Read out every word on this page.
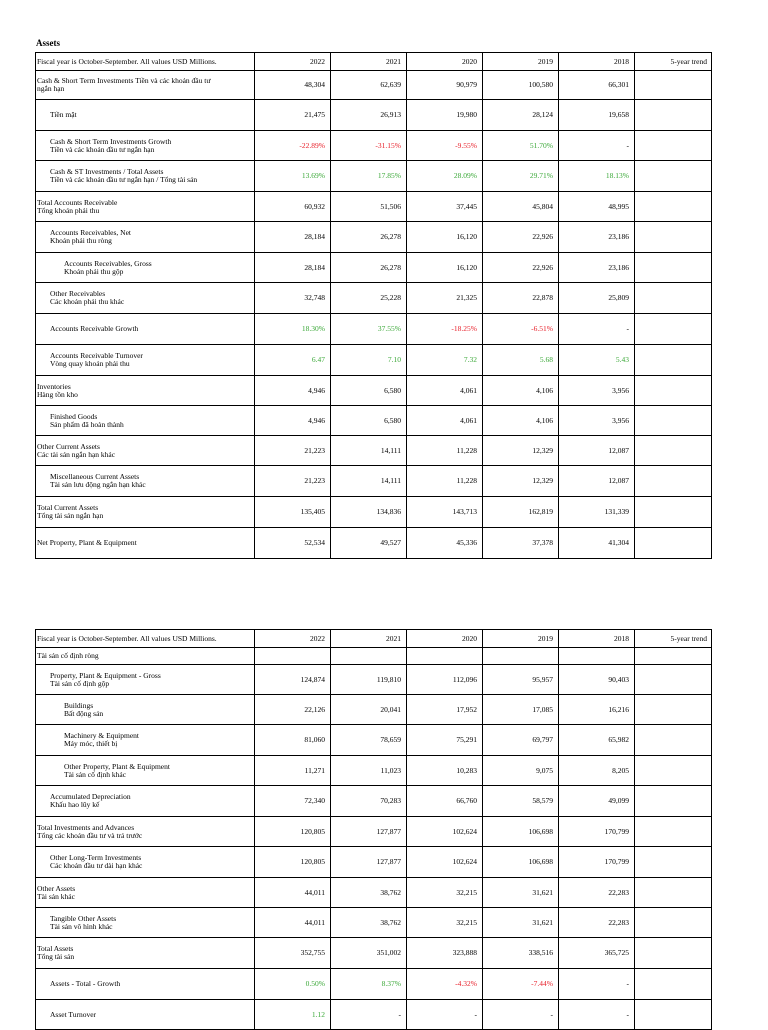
Assets
Fiscal year is October-September. All values USD Millions.	2022	2021	2020	2019	2018	5-year trend

Cash & Short Term Investments Tiền và các khoản đầu tư
ngắn hạn	48,304	62,639	90,979	100,580	66,301	

Tiền mặt	21,475	26,913	19,980	28,124	19,658	

Cash & Short Term Investments Growth
Tiền và các khoản đầu tư ngắn hạn	-22.89%	-31.15%	-9.55%	51.70%	-	

Cash & ST Investments / Total Assets
Tiền và các khoản đầu tư ngắn hạn / Tổng tài sản	13.69%	17.85%	28.09%	29.71%	18.13%	

Total Accounts Receivable
Tổng khoản phải thu	60,932	51,506	37,445	45,804	48,995	

Accounts Receivables, Net
Khoản phải thu ròng	28,184	26,278	16,120	22,926	23,186	

Accounts Receivables, Gross
Khoản phải thu gộp	28,184	26,278	16,120	22,926	23,186	

Other Receivables
Các khoản phải thu khác	32,748	25,228	21,325	22,878	25,809	

Accounts Receivable Growth	18.30%	37.55%	-18.25%	-6.51%	-	

Accounts Receivable Turnover
Vòng quay khoản phải thu	6.47	7.10	7.32	5.68	5.43	

Inventories
Hàng tồn kho	4,946	6,580	4,061	4,106	3,956	

Finished Goods
Sản phẩm đã hoàn thành	4,946	6,580	4,061	4,106	3,956	

Other Current Assets
Các tài sản ngắn hạn khác	21,223	14,111	11,228	12,329	12,087	

Miscellaneous Current Assets
Tài sản lưu động ngắn hạn khác	21,223	14,111	11,228	12,329	12,087	

Total Current Assets
Tổng tài sản ngắn hạn	135,405	134,836	143,713	162,819	131,339	

Net Property, Plant & Equipment	52,534	49,527	45,336	37,378	41,304	
Fiscal year is October-September. All values USD Millions.	2022	2021	2020	2019	2018	5-year trend

Tài sản cố định ròng						

Property, Plant & Equipment - Gross
Tài sản cố định gộp	124,874	119,810	112,096	95,957	90,403	

Buildings
Bất động sản	22,126	20,041	17,952	17,085	16,216	

Machinery & Equipment
Máy móc, thiết bị	81,060	78,659	75,291	69,797	65,982	

Other Property, Plant & Equipment
Tài sản cố định khác	11,271	11,023	10,283	9,075	8,205	

Accumulated Depreciation
Khấu hao lũy kế	72,340	70,283	66,760	58,579	49,099	

Total Investments and Advances
Tổng các khoản đầu tư và trả trước	120,805	127,877	102,624	106,698	170,799	

Other Long-Term Investments
Các khoản đầu tư dài hạn khác	120,805	127,877	102,624	106,698	170,799	

Other Assets
Tài sản khác	44,011	38,762	32,215	31,621	22,283	

Tangible Other Assets
Tài sản vô hình khác	44,011	38,762	32,215	31,621	22,283	

Total Assets
Tổng tài sản	352,755	351,002	323,888	338,516	365,725	

Assets - Total - Growth	0.50%	8.37%	-4.32%	-7.44%	-	

Asset Turnover	1.12	-	-	-	-	
